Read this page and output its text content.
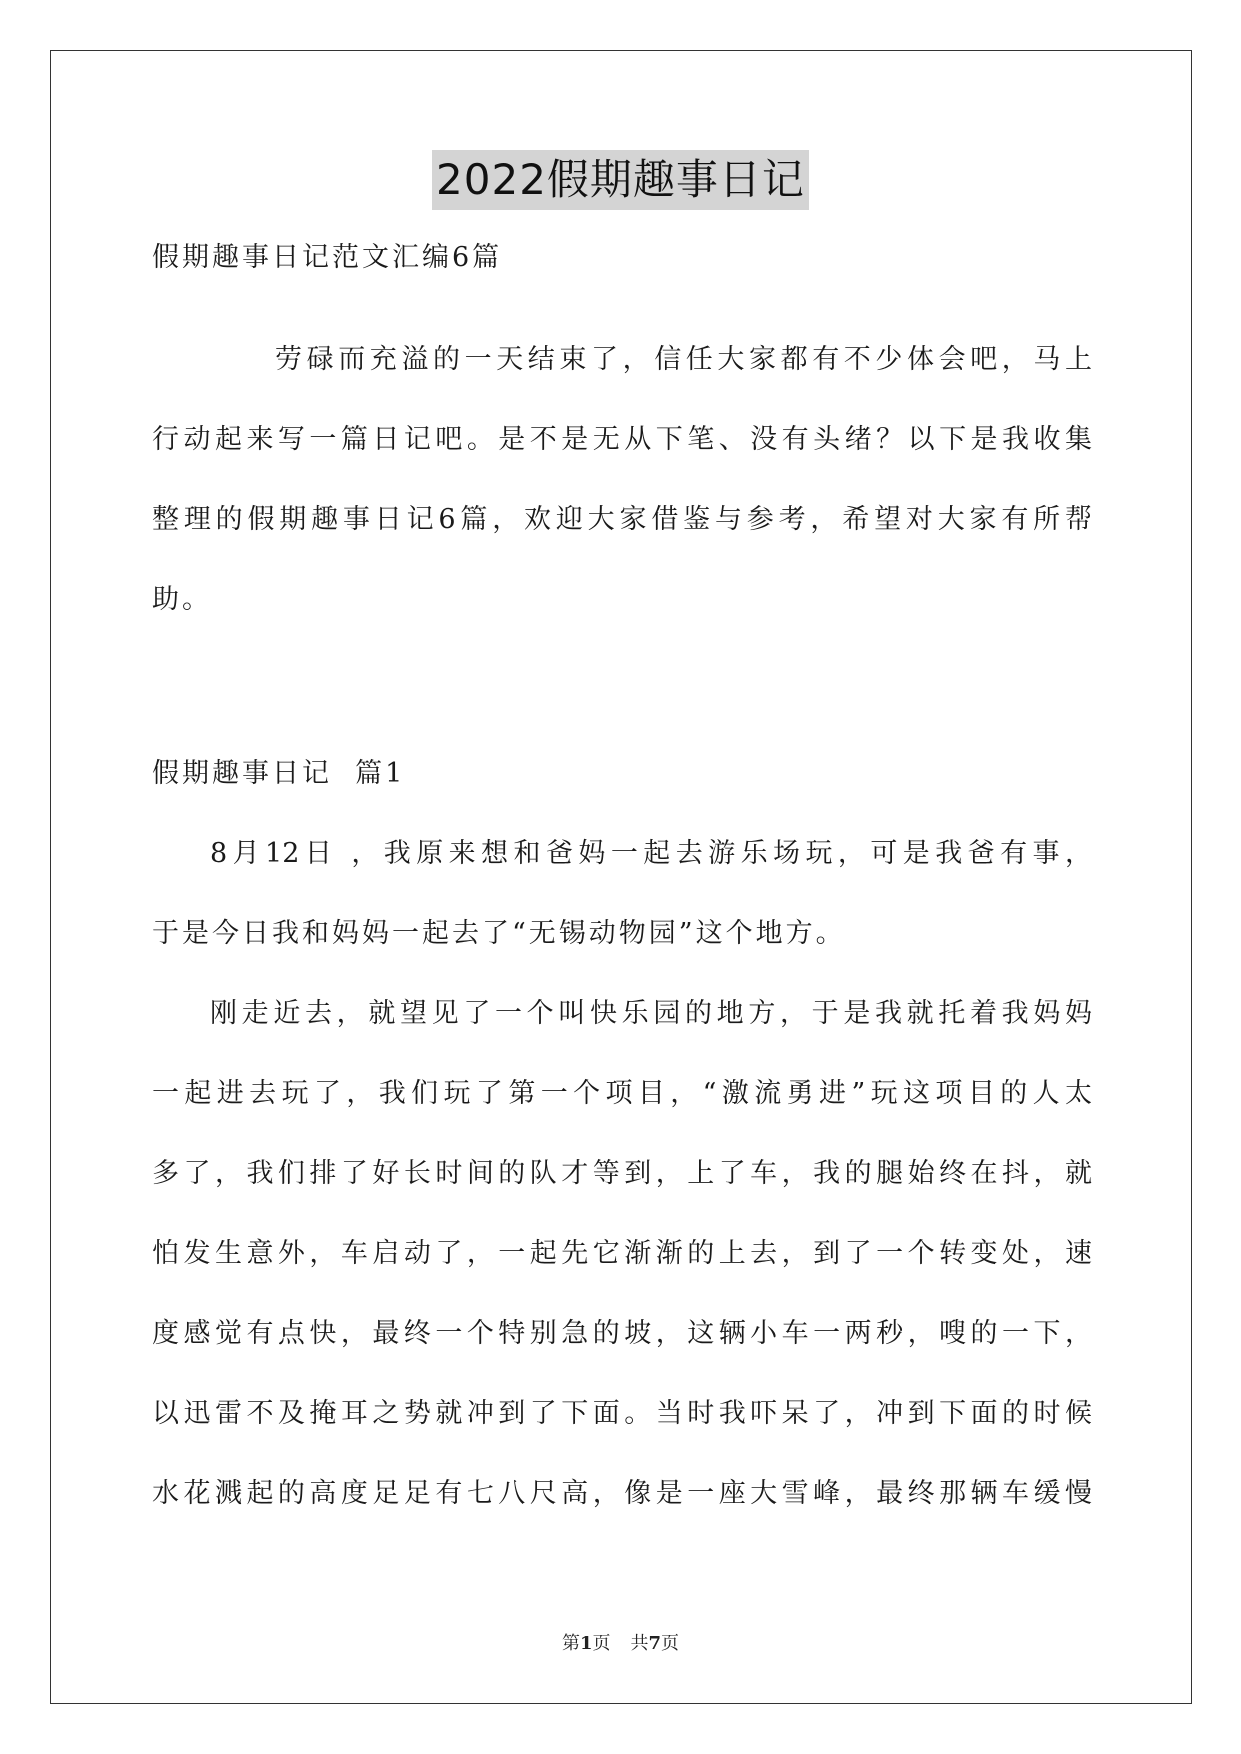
2022假期趣事日记
假期趣事日记范文汇编6篇
劳碌而充溢的一天结束了，信任大家都有不少体会吧，马上
行动起来写一篇日记吧。是不是无从下笔、没有头绪？以下是我收集
整理的假期趣事日记6篇，欢迎大家借鉴与参考，希望对大家有所帮
助。
假期趣事日记  篇1
8月12日 ，我原来想和爸妈一起去游乐场玩，可是我爸有事，
于是今日我和妈妈一起去了“无锡动物园”这个地方。
刚走近去，就望见了一个叫快乐园的地方，于是我就托着我妈妈
一起进去玩了，我们玩了第一个项目，“激流勇进”玩这项目的人太
多了，我们排了好长时间的队才等到，上了车，我的腿始终在抖，就
怕发生意外，车启动了，一起先它渐渐的上去，到了一个转变处，速
度感觉有点快，最终一个特别急的坡，这辆小车一两秒，嗖的一下，
以迅雷不及掩耳之势就冲到了下面。当时我吓呆了，冲到下面的时候
水花溅起的高度足足有七八尺高，像是一座大雪峰，最终那辆车缓慢
第1页 共7页
